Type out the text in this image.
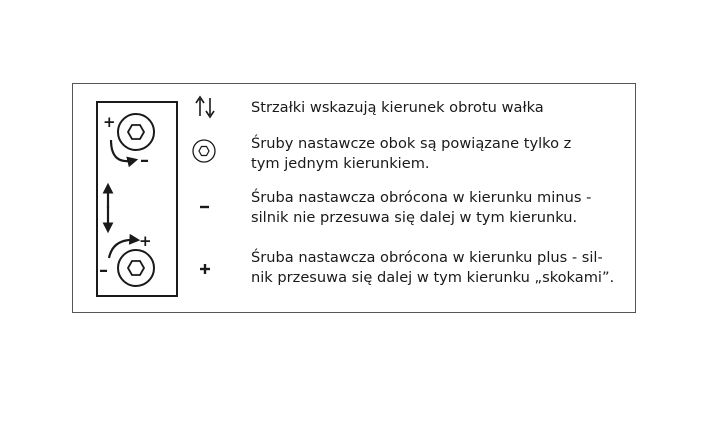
+
–
+
–
Strzałki wskazują kierunek obrotu wałka
Śruby nastawcze obok są powiązane tylko z
tym jednym kierunkiem.
Śruba nastawcza obrócona w kierunku minus -
silnik nie przesuwa się dalej w tym kierunku.
Śruba nastawcza obrócona w kierunku plus - sil-
nik przesuwa się dalej w tym kierunku „skokami”.
